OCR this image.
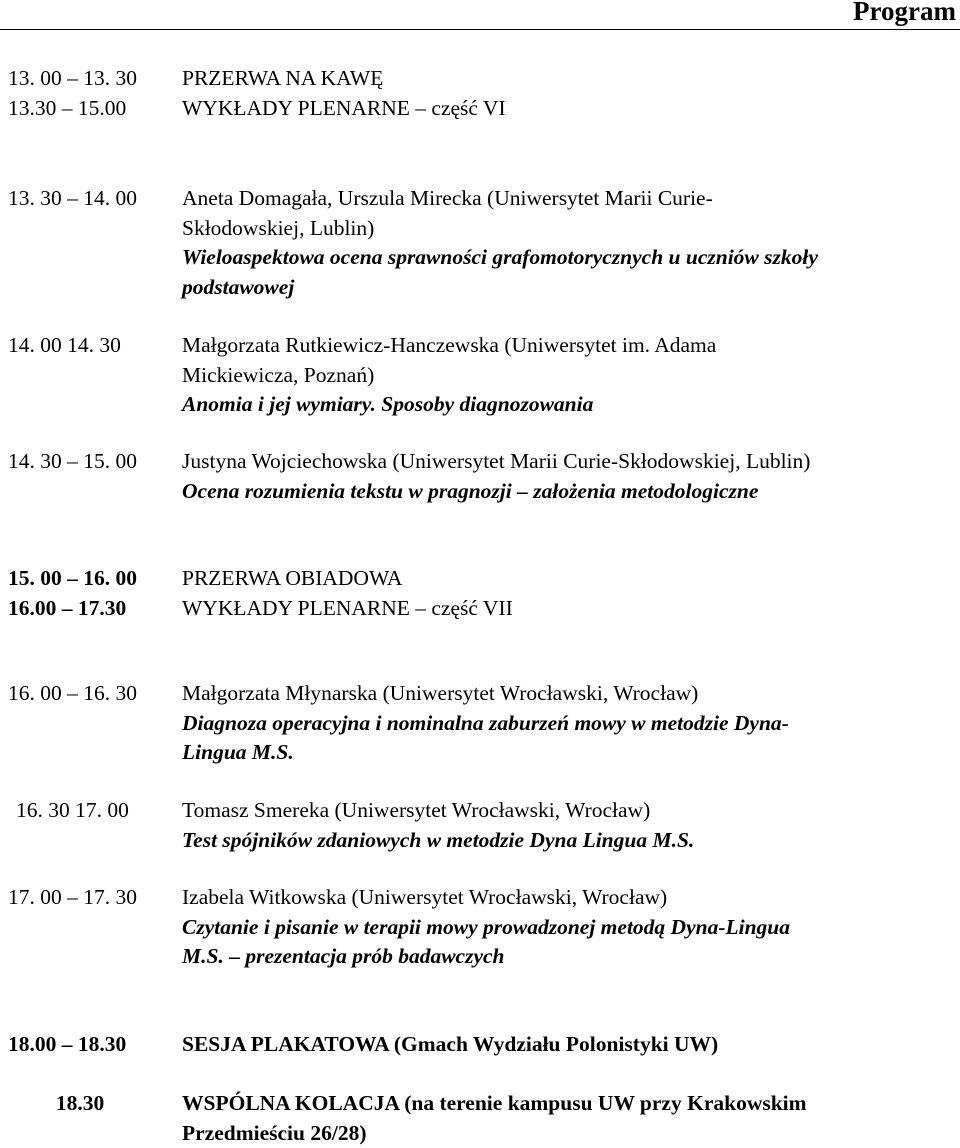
Program
13. 00 – 13. 30 PRZERWA NA KAWĘ
13.30 – 15.00	WYKŁADY PLENARNE – część VI
13. 30 – 14. 00 Aneta Domagała, Urszula Mirecka (Uniwersytet Marii Curie-
Skłodowskiej, Lublin)
Wieloaspektowa ocena sprawności grafomotorycznych u uczniów szkoły
podstawowej
14. 00 14. 30	Małgorzata Rutkiewicz-Hanczewska (Uniwersytet im. Adama
Mickiewicza, Poznań)
Anomia i jej wymiary. Sposoby diagnozowania
14. 30 – 15. 00 Justyna Wojciechowska (Uniwersytet Marii Curie-Skłodowskiej, Lublin)
Ocena rozumienia tekstu w pragnozji – założenia metodologiczne
15. 00 – 16. 00 PRZERWA OBIADOWA
16.00 – 17.30	WYKŁADY PLENARNE – część VII
16. 00 – 16. 30 Małgorzata Młynarska (Uniwersytet Wrocławski, Wrocław)
Diagnoza operacyjna i nominalna zaburzeń mowy w metodzie Dyna-
Lingua M.S.
16. 30 17. 00 Tomasz Smereka (Uniwersytet Wrocławski, Wrocław)
Test spójników zdaniowych w metodzie Dyna Lingua M.S.
17. 00 – 17. 30 Izabela Witkowska (Uniwersytet Wrocławski, Wrocław)
Czytanie i pisanie w terapii mowy prowadzonej metodą Dyna-Lingua
M.S. – prezentacja prób badawczych
18.00 – 18.30	SESJA PLAKATOWA (Gmach Wydziału Polonistyki UW)
18.30	WSPÓLNA KOLACJA (na terenie kampusu UW przy Krakowskim
Przedmieściu 26/28)
